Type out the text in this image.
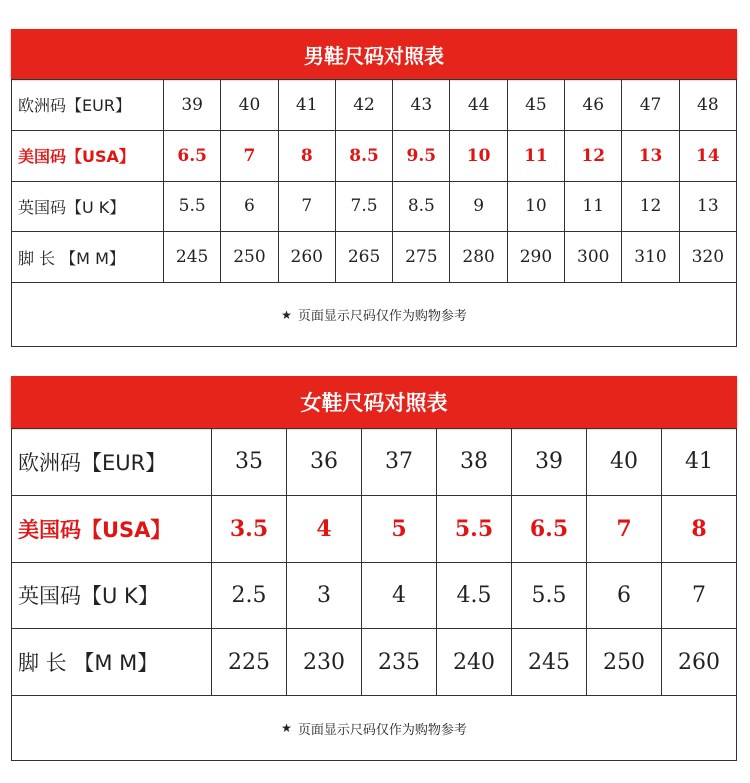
男鞋尺码对照表
欧洲码【EUR】	39	40	41	42	43	44	45	46	47	48
美国码【USA】	6.5	7	8	8.5	9.5	10	11	12	13	14
英国码【U K】	5.5	6	7	7.5	8.5	9	10	11	12	13
脚 长 【M M】	245	250	260	265	275	280	290	300	310	320
★ 页面显示尺码仅作为购物参考
女鞋尺码对照表
欧洲码【EUR】	35	36	37	38	39	40	41
美国码【USA】	3.5	4	5	5.5	6.5	7	8
英国码【U K】	2.5	3	4	4.5	5.5	6	7
脚 长 【M M】	225	230	235	240	245	250	260
★ 页面显示尺码仅作为购物参考
